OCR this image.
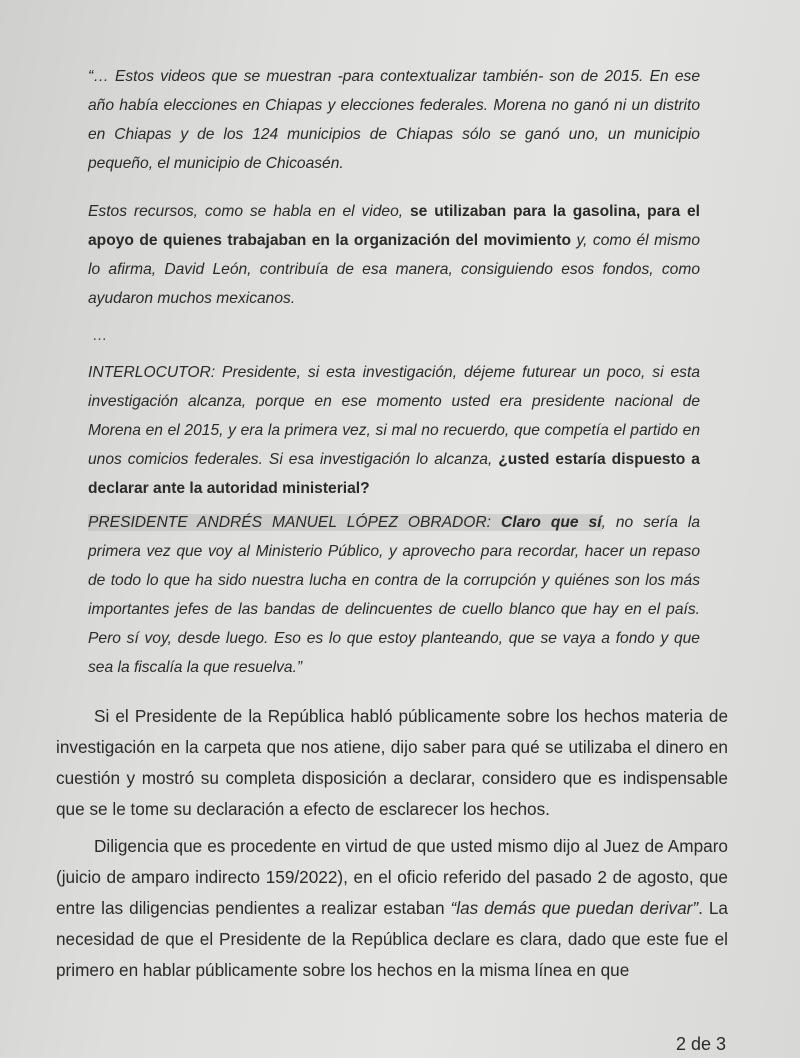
“… Estos videos que se muestran -para contextualizar también- son de 2015. En ese año había elecciones en Chiapas y elecciones federales. Morena no ganó ni un distrito en Chiapas y de los 124 municipios de Chiapas sólo se ganó uno, un municipio pequeño, el municipio de Chicoasén.

Estos recursos, como se habla en el video, se utilizaban para la gasolina, para el apoyo de quienes trabajaban en la organización del movimiento y, como él mismo lo afirma, David León, contribuía de esa manera, consiguiendo esos fondos, como ayudaron muchos mexicanos.

…

INTERLOCUTOR: Presidente, si esta investigación, déjeme futurear un poco, si esta investigación alcanza, porque en ese momento usted era presidente nacional de Morena en el 2015, y era la primera vez, si mal no recuerdo, que competía el partido en unos comicios federales. Si esa investigación lo alcanza, ¿usted estaría dispuesto a declarar ante la autoridad ministerial?

PRESIDENTE ANDRÉS MANUEL LÓPEZ OBRADOR: Claro que sí, no sería la primera vez que voy al Ministerio Público, y aprovecho para recordar, hacer un repaso de todo lo que ha sido nuestra lucha en contra de la corrupción y quiénes son los más importantes jefes de las bandas de delincuentes de cuello blanco que hay en el país. Pero sí voy, desde luego. Eso es lo que estoy planteando, que se vaya a fondo y que sea la fiscalía la que resuelva.”

Si el Presidente de la República habló públicamente sobre los hechos materia de investigación en la carpeta que nos atiene, dijo saber para qué se utilizaba el dinero en cuestión y mostró su completa disposición a declarar, considero que es indispensable que se le tome su declaración a efecto de esclarecer los hechos.

Diligencia que es procedente en virtud de que usted mismo dijo al Juez de Amparo (juicio de amparo indirecto 159/2022), en el oficio referido del pasado 2 de agosto, que entre las diligencias pendientes a realizar estaban “las demás que puedan derivar”. La necesidad de que el Presidente de la República declare es clara, dado que este fue el primero en hablar públicamente sobre los hechos en la misma línea en que

2 de 3
